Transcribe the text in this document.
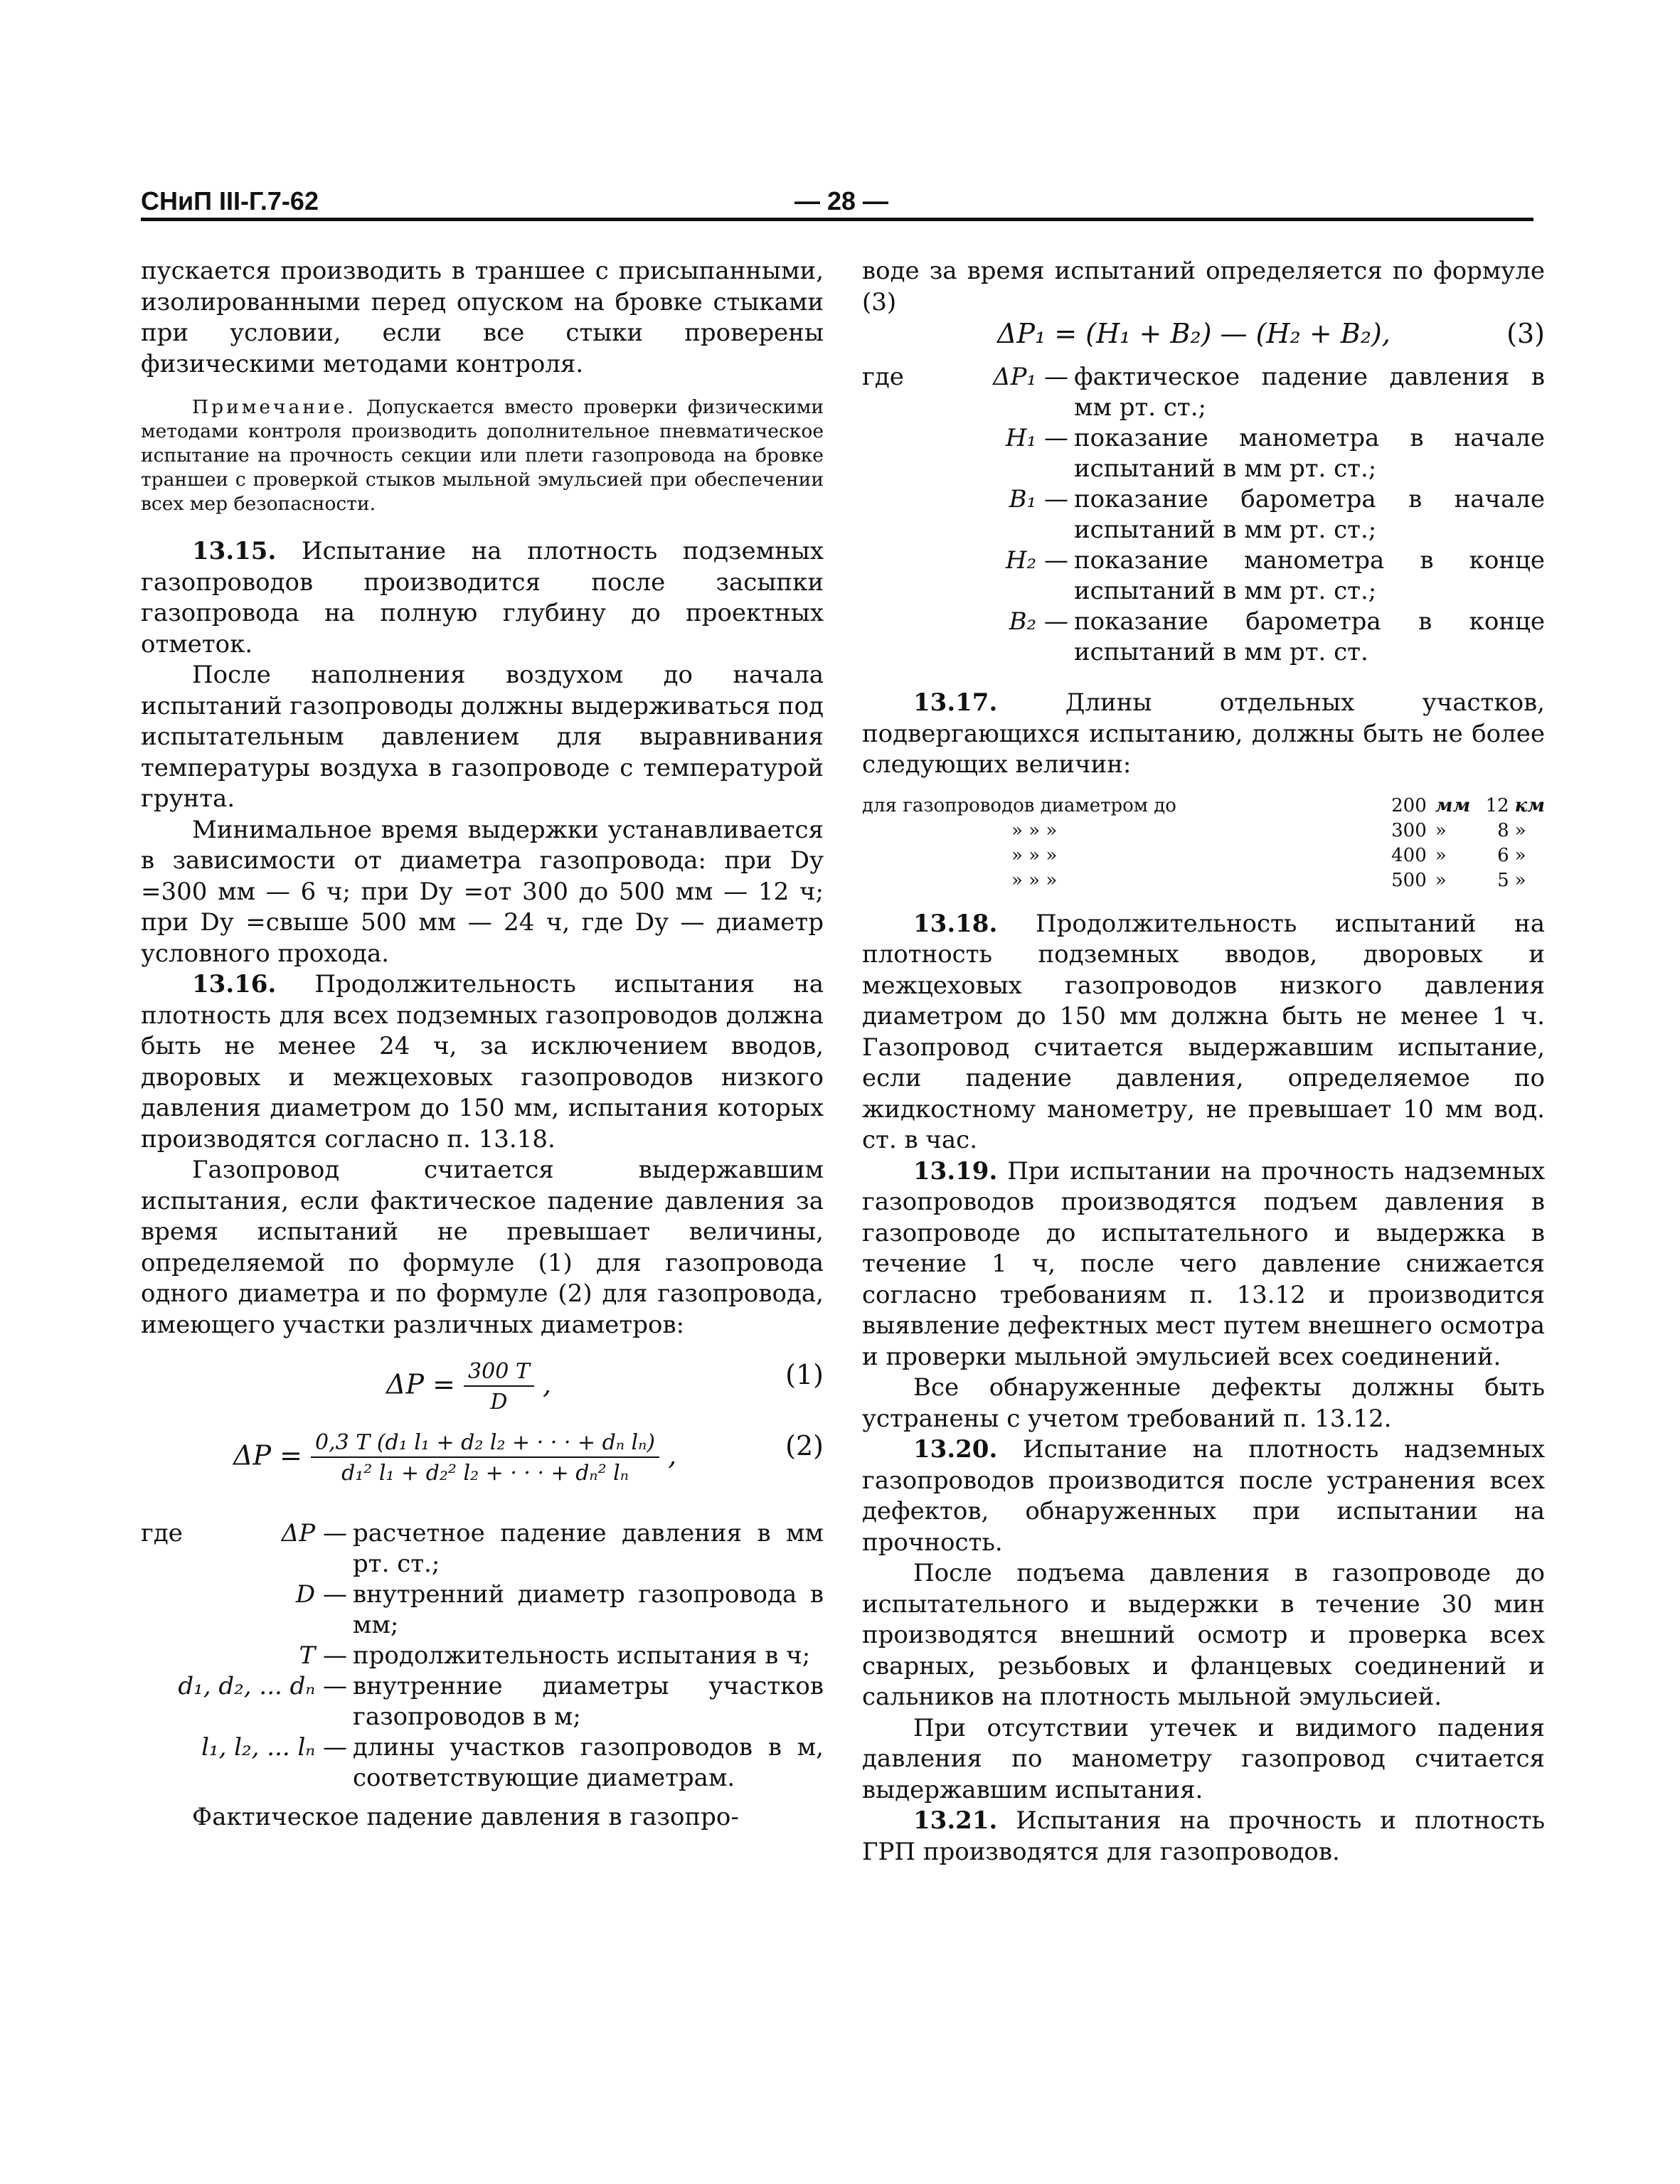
СНиП III-Г.7-62	— 28 —

пускается производить в траншее с присыпанными, изолированными перед опуском на бровке стыками при условии, если все стыки проверены физическими методами контроля.

Примечание. Допускается вместо проверки физическими методами контроля производить дополнительное пневматическое испытание на прочность секции или плети газопровода на бровке траншеи с проверкой стыков мыльной эмульсией при обеспечении всех мер безопасности.

13.15. Испытание на плотность подземных газопроводов производится после засыпки газопровода на полную глубину до проектных отметок.

После наполнения воздухом до начала испытаний газопроводы должны выдерживаться под испытательным давлением для выравнивания температуры воздуха в газопроводе с температурой грунта.

Минимальное время выдержки устанавливается в зависимости от диаметра газопровода: при Dу =300 мм — 6 ч; при Dу =от 300 до 500 мм — 12 ч; при Dу =свыше 500 мм — 24 ч, где Dу — диаметр условного прохода.

13.16. Продолжительность испытания на плотность для всех подземных газопроводов должна быть не менее 24 ч, за исключением вводов, дворовых и межцеховых газопроводов низкого давления диаметром до 150 мм, испытания которых производятся согласно п. 13.18.

Газопровод считается выдержавшим испытания, если фактическое падение давления за время испытаний не превышает величины, определяемой по формуле (1) для газопровода одного диаметра и по формуле (2) для газопровода, имеющего участки различных диаметров:

$\Delta P = \frac{300 T}{D}$ ,	(1)
$\Delta P = \frac{\text{0,3 T (d₁ l₁ + d₂ l₂ + · · · + dₙ lₙ)}}{\text{d₁² l₁ + d₂² l₂ + · · · + dₙ² lₙ}}$ ,	(2)
где	ΔP —	расчетное падение давления в мм рт. ст.;
	D —	внутренний диаметр газопровода в мм;
	T —	продолжительность испытания в ч;
d₁, d₂, ... dₙ —		внутренние диаметры участков газопроводов в м;
l₁, l₂, ... lₙ —		длины участков газопроводов в м, соответствующие диаметрам.

Фактическое падение давления в газопро-

воде за время испытаний определяется по формуле (3)

ΔP₁ = (H₁ + B₂) — (H₂ + B₂),	(3)
где	ΔP₁ —	фактическое падение давления в мм рт. ст.;
	H₁ —	показание манометра в начале испытаний в мм рт. ст.;
	B₁ —	показание барометра в начале испытаний в мм рт. ст.;
	H₂ —	показание манометра в конце испытаний в мм рт. ст.;
	B₂ —	показание барометра в конце испытаний в мм рт. ст.

13.17.	Длины отдельных участков, подвергающихся испытанию, должны быть не более следующих величин:

для газопроводов диаметром до	200	мм	12	км
» » »	300	»	8	»
» » »	400	»	6	»
» » »	500	»	5	»

13.18. Продолжительность испытаний на плотность подземных вводов, дворовых и межцеховых газопроводов низкого давления диаметром до 150 мм должна быть не менее 1 ч. Газопровод считается выдержавшим испытание, если падение давления, определяемое по жидкостному манометру, не превышает 10 мм вод. ст. в час.

13.19. При испытании на прочность надземных газопроводов производятся подъем давления в газопроводе до испытательного и выдержка в течение 1 ч, после чего давление снижается согласно требованиям п. 13.12 и производится выявление дефектных мест путем внешнего осмотра и проверки мыльной эмульсией всех соединений.

Все обнаруженные дефекты должны быть устранены с учетом требований п. 13.12.

13.20. Испытание на плотность надземных газопроводов производится после устранения всех дефектов, обнаруженных при испытании на прочность.

После подъема давления в газопроводе до испытательного и выдержки в течение 30 мин производятся внешний осмотр и проверка всех сварных, резьбовых и фланцевых соединений и сальников на плотность мыльной эмульсией.

При отсутствии утечек и видимого падения давления по манометру газопровод считается выдержавшим испытания.

13.21. Испытания на прочность и плотность ГРП производятся для газопроводов.
